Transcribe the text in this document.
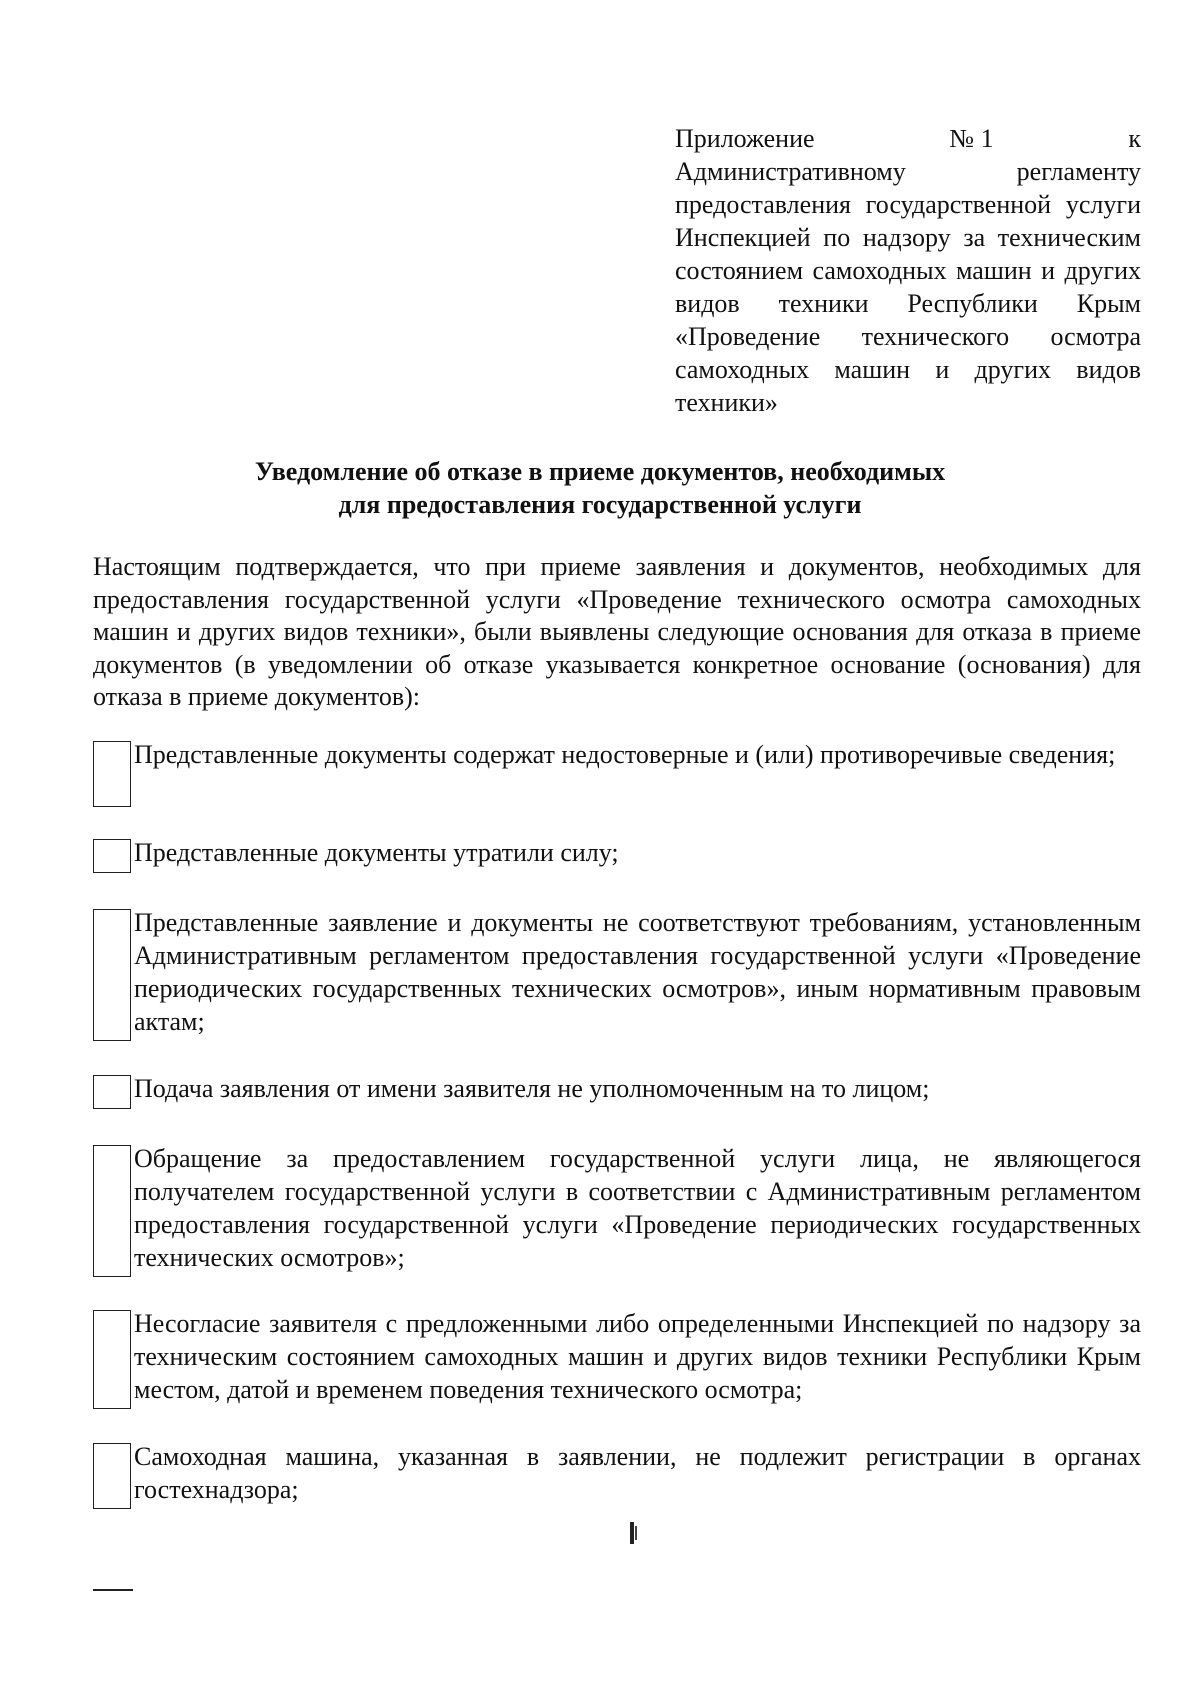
Приложение	№ 1	к
Административному регламенту предоставления государственной услуги Инспекцией по надзору за техническим состоянием самоходных машин и других видов техники Республики Крым «Проведение технического осмотра самоходных машин и других видов техники»
Уведомление об отказе в приеме документов, необходимых
для предоставления государственной услуги
Настоящим подтверждается, что при приеме заявления и документов, необходимых для предоставления государственной услуги «Проведение технического осмотра самоходных машин и других видов техники», были выявлены следующие основания для отказа в приеме документов (в уведомлении об отказе указывается конкретное основание (основания) для отказа в приеме документов):
Представленные документы содержат недостоверные и (или) противоречивые сведения;
Представленные документы утратили силу;
Представленные заявление и документы не соответствуют требованиям, установленным Административным регламентом предоставления государственной услуги «Проведение периодических государственных технических осмотров», иным нормативным правовым актам;
Подача заявления от имени заявителя не уполномоченным на то лицом;
Обращение за предоставлением государственной услуги лица, не являющегося получателем государственной услуги в соответствии с Административным регламентом предоставления государственной услуги «Проведение периодических государственных технических осмотров»;
Несогласие заявителя с предложенными либо определенными Инспекцией по надзору за техническим состоянием самоходных машин и других видов техники Республики Крым местом, датой и временем поведения технического осмотра;
Самоходная машина, указанная в заявлении, не подлежит регистрации в органах гостехнадзора;
